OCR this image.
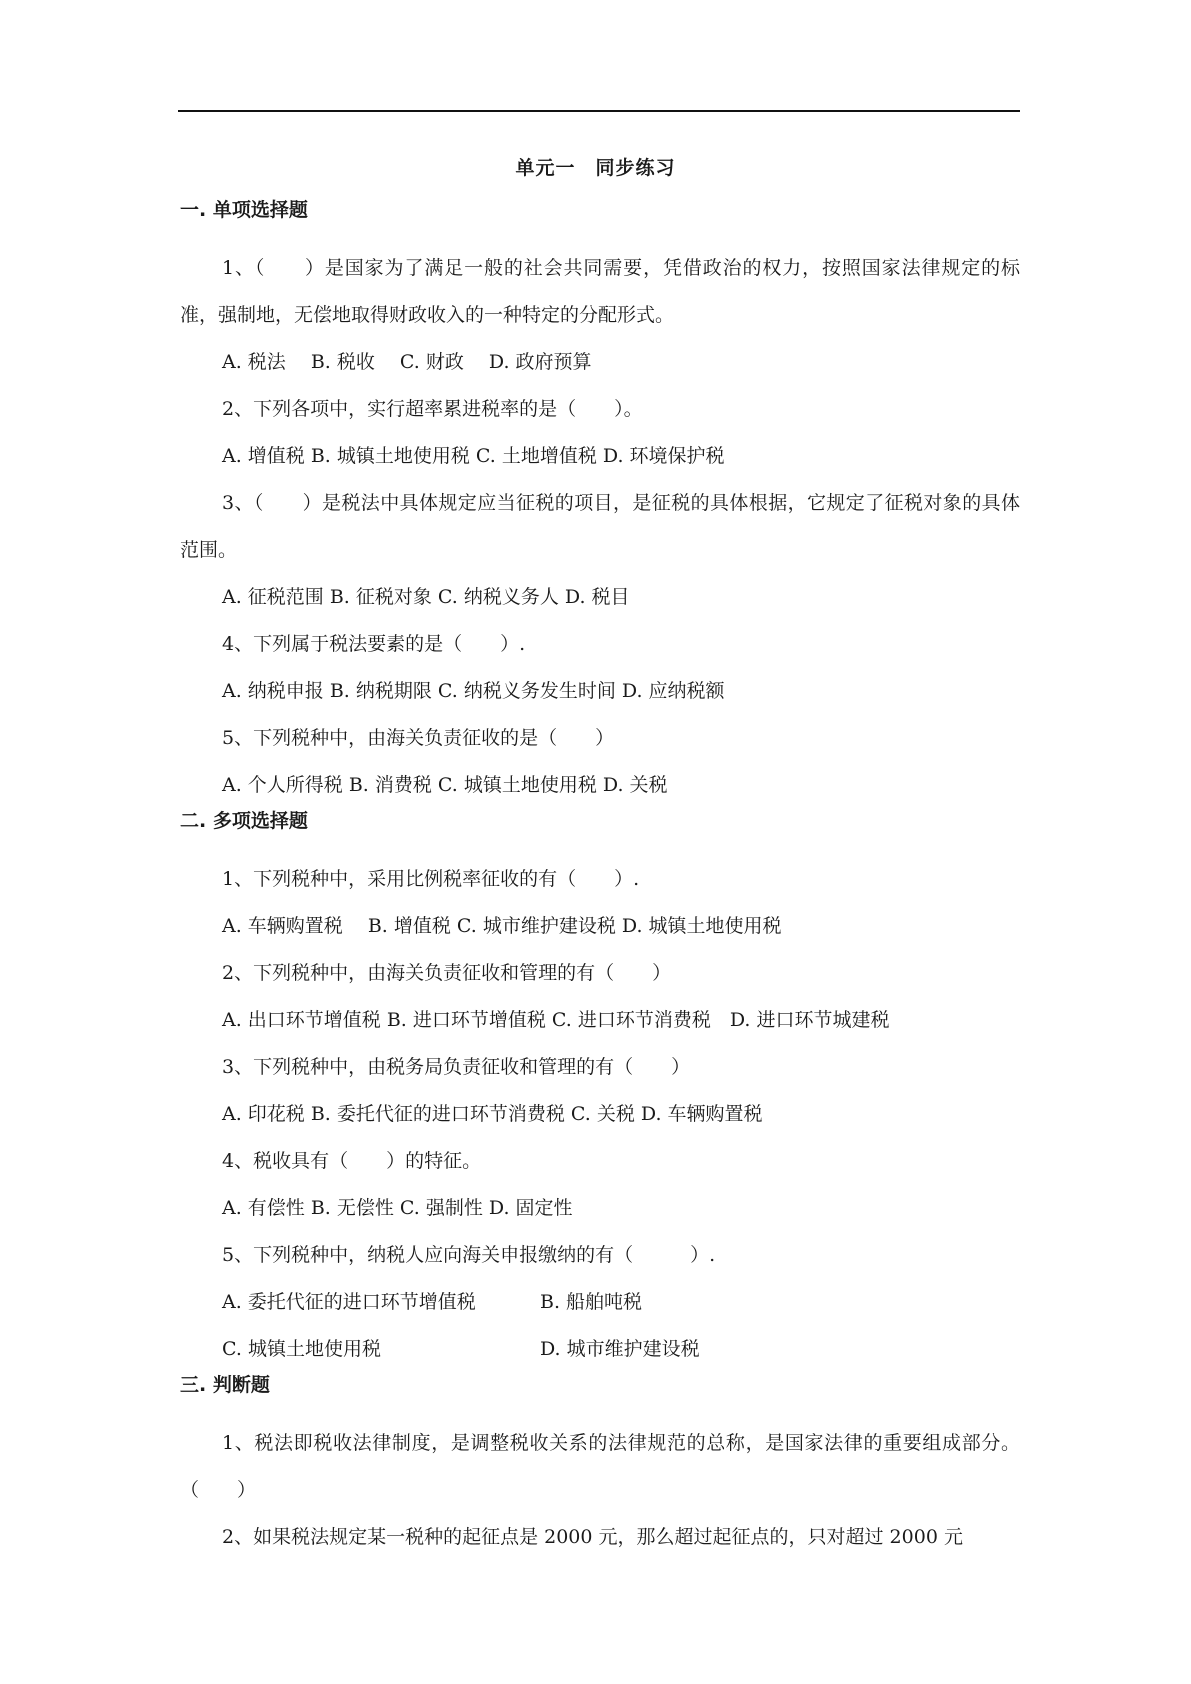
单元一　同步练习
一. 单项选择题

1、（　　）是国家为了满足一般的社会共同需要，凭借政治的权力，按照国家法律规定的标准，强制地，无偿地取得财政收入的一种特定的分配形式。

A. 税法　 B. 税收　 C. 财政　 D. 政府预算

2、下列各项中，实行超率累进税率的是（　　）。

A. 增值税 B. 城镇土地使用税 C. 土地增值税 D. 环境保护税

3、（　　）是税法中具体规定应当征税的项目，是征税的具体根据，它规定了征税对象的具体范围。

A. 征税范围 B. 征税对象 C. 纳税义务人 D. 税目

4、下列属于税法要素的是（　　）.

A. 纳税申报 B. 纳税期限 C. 纳税义务发生时间 D. 应纳税额

5、下列税种中，由海关负责征收的是（　　）

A. 个人所得税 B. 消费税 C. 城镇土地使用税 D. 关税
二. 多项选择题

1、下列税种中，采用比例税率征收的有（　　）.

A. 车辆购置税　 B. 增值税 C. 城市维护建设税 D. 城镇土地使用税

2、下列税种中，由海关负责征收和管理的有（　　）

A. 出口环节增值税 B. 进口环节增值税 C. 进口环节消费税　D. 进口环节城建税

3、下列税种中，由税务局负责征收和管理的有（　　）

A. 印花税 B. 委托代征的进口环节消费税 C. 关税 D. 车辆购置税

4、税收具有（　　）的特征。

A. 有偿性 B. 无偿性 C. 强制性 D. 固定性

5、下列税种中，纳税人应向海关申报缴纳的有（　　　）.

A. 委托代征的进口环节增值税	B. 船舶吨税
C. 城镇土地使用税	D. 城市维护建设税
三. 判断题

1、税法即税收法律制度，是调整税收关系的法律规范的总称，是国家法律的重要组成部分。（　　）

2、如果税法规定某一税种的起征点是 2000 元，那么超过起征点的，只对超过 2000 元
